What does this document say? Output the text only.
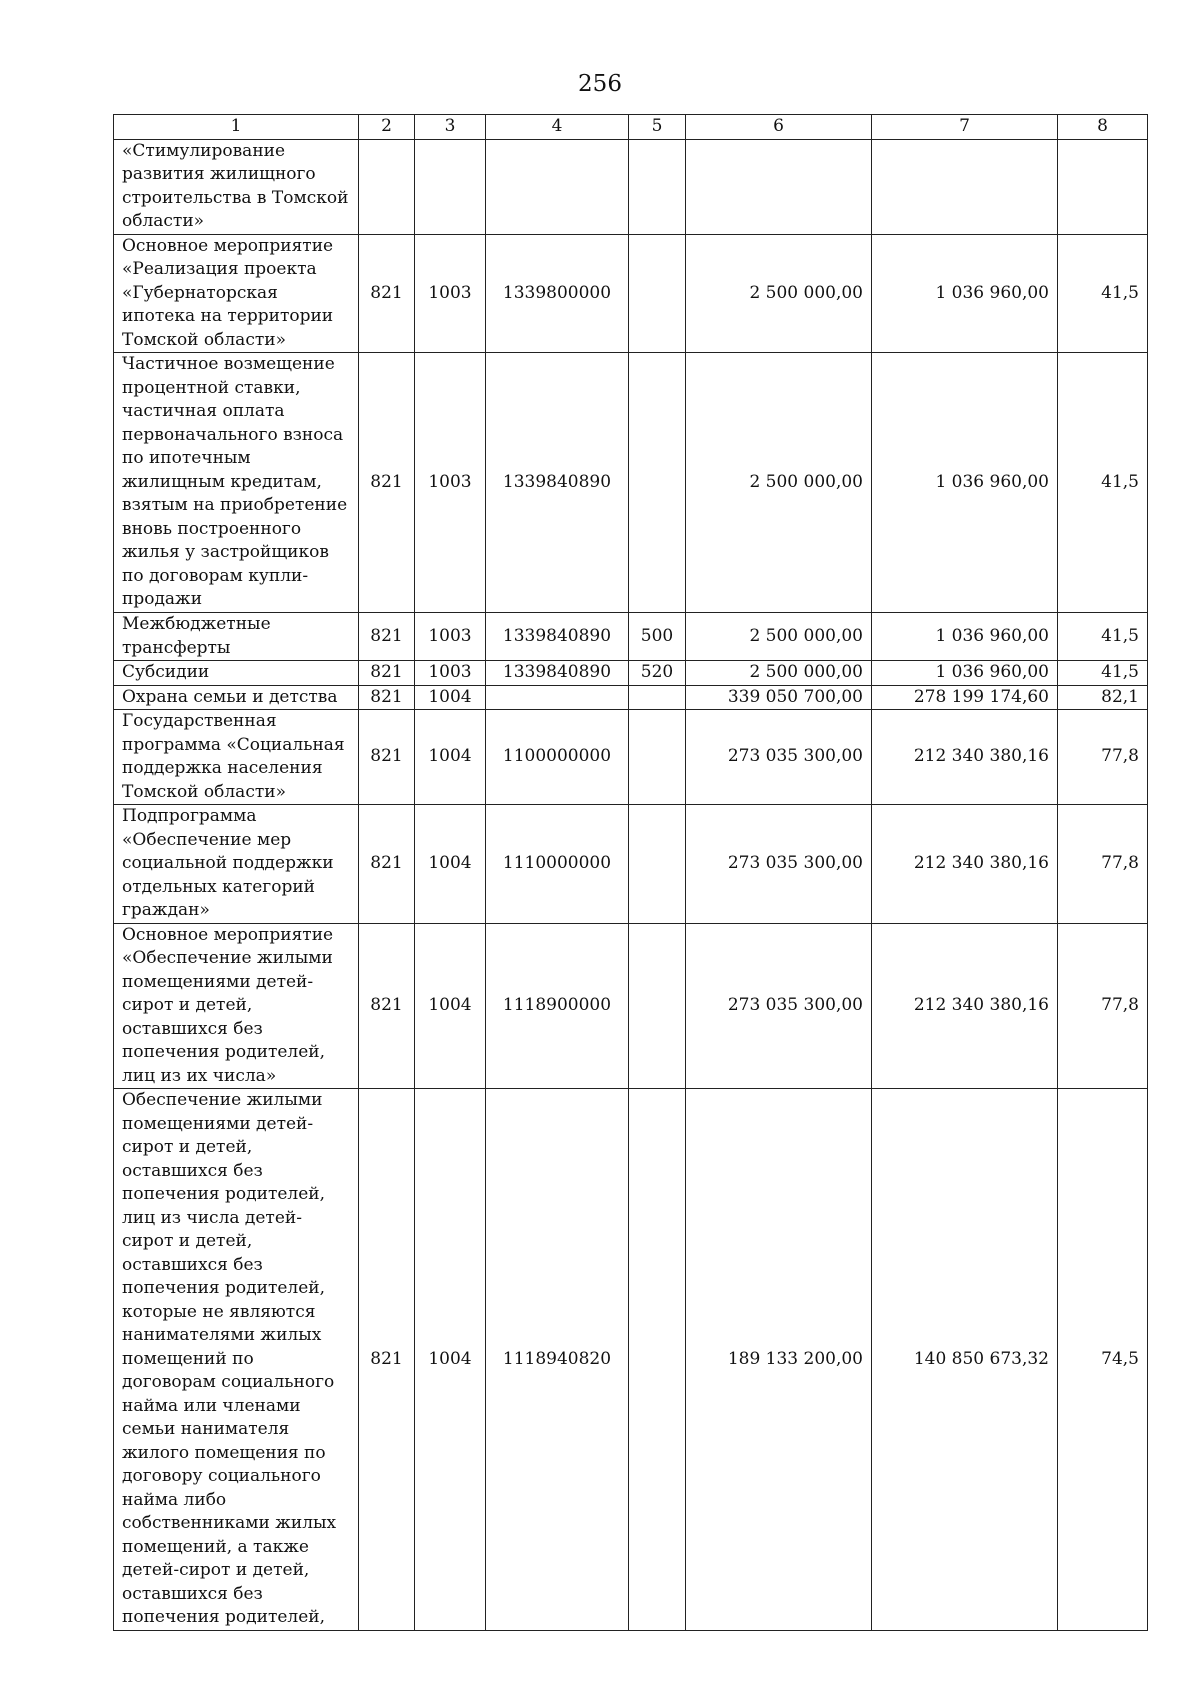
256
1	2	3	4	5	6	7	8
«Стимулирование развития жилищного строительства в Томской области»							
Основное мероприятие «Реализация проекта «Губернаторская ипотека на территории Томской области»	821	1003	1339800000		2 500 000,00	1 036 960,00	41,5
Частичное возмещение процентной ставки, частичная оплата первоначального взноса по ипотечным жилищным кредитам, взятым на приобретение вновь построенного жилья у застройщиков по договорам купли-продажи	821	1003	1339840890		2 500 000,00	1 036 960,00	41,5
Межбюджетные трансферты	821	1003	1339840890	500	2 500 000,00	1 036 960,00	41,5
Субсидии	821	1003	1339840890	520	2 500 000,00	1 036 960,00	41,5
Охрана семьи и детства	821	1004			339 050 700,00	278 199 174,60	82,1
Государственная программа «Социальная поддержка населения Томской области»	821	1004	1100000000		273 035 300,00	212 340 380,16	77,8
Подпрограмма «Обеспечение мер социальной поддержки отдельных категорий граждан»	821	1004	1110000000		273 035 300,00	212 340 380,16	77,8
Основное мероприятие «Обеспечение жилыми помещениями детей-сирот и детей, оставшихся без попечения родителей, лиц из их числа»	821	1004	1118900000		273 035 300,00	212 340 380,16	77,8
Обеспечение жилыми помещениями детей-сирот и детей, оставшихся без попечения родителей, лиц из числа детей-сирот и детей, оставшихся без попечения родителей, которые не являются нанимателями жилых помещений по договорам социального найма или членами семьи нанимателя жилого помещения по договору социального найма либо собственниками жилых помещений, а также детей-сирот и детей, оставшихся без попечения родителей,	821	1004	1118940820		189 133 200,00	140 850 673,32	74,5
